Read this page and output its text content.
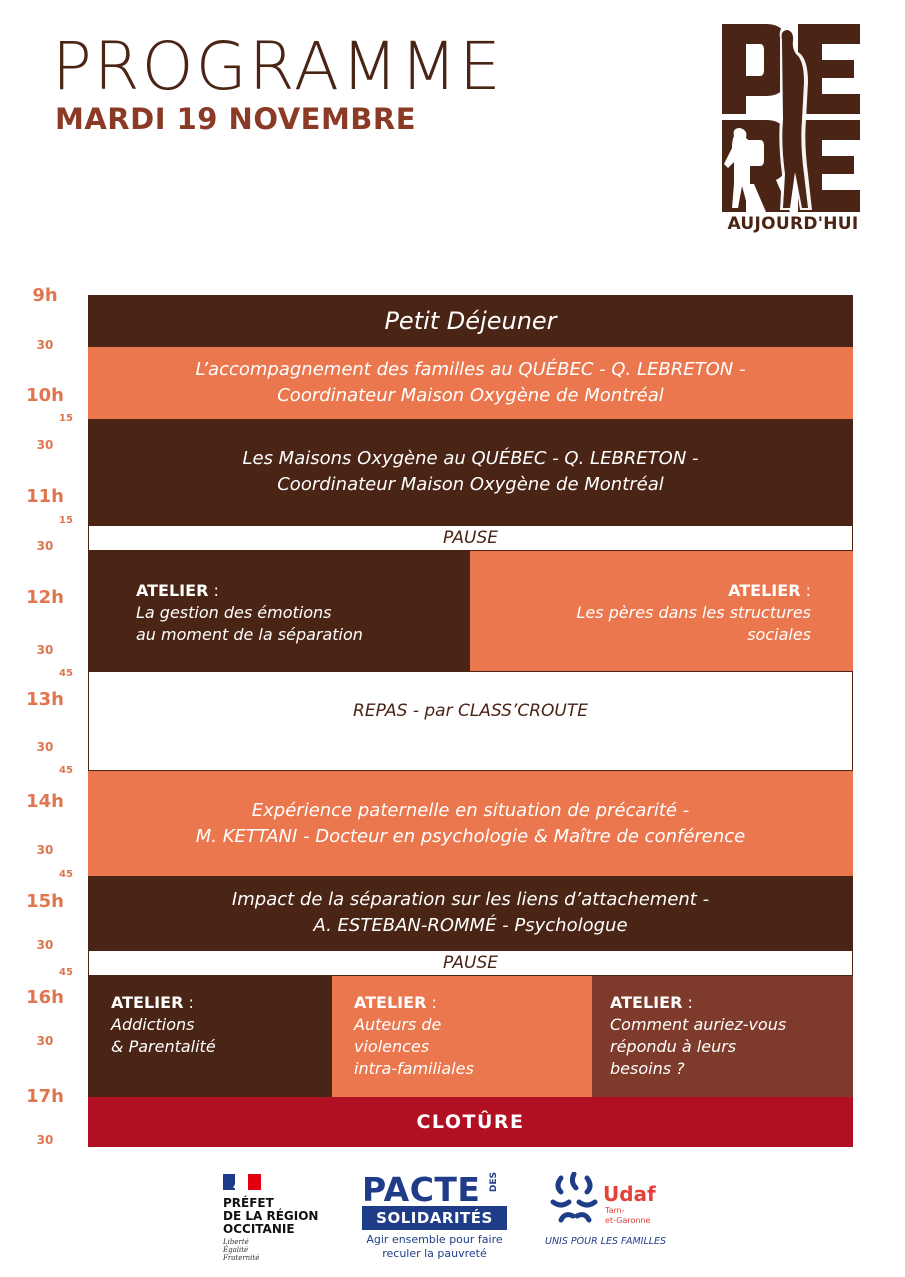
PROGRAMME
MARDI 19 NOVEMBRE
AUJOURD'HUI
9h
30
10h
15
30
11h
15
30
12h
30
45
13h
30
45
14h
30
45
15h
30
45
16h
30
17h
30
Petit Déjeuner
L’accompagnement des familles au QUÉBEC - Q. LEBRETON -
Coordinateur Maison Oxygène de Montréal
Les Maisons Oxygène au QUÉBEC - Q. LEBRETON -
Coordinateur Maison Oxygène de Montréal
PAUSE
ATELIER :
La gestion des émotions
au moment de la séparation
ATELIER :
Les pères dans les structures
sociales
REPAS - par CLASS’CROUTE
Expérience paternelle en situation de précarité -
M. KETTANI - Docteur en psychologie & Maître de conférence
Impact de la séparation sur les liens d’attachement -
A. ESTEBAN-ROMMÉ - Psychologue
PAUSE
ATELIER :
Addictions
& Parentalité
ATELIER :
Auteurs de
violences
intra-familiales
ATELIER :
Comment auriez-vous
répondu à leurs
besoins ?
CLOTÛRE
PRÉFET
DE LA RÉGION
OCCITANIE
Liberté
Égalité
Fraternité
PACTE DES
SOLIDARITÉS
Agir ensemble pour faire
reculer la pauvreté
Udaf
Tarn-
et-Garonne
UNIS POUR LES FAMILLES
